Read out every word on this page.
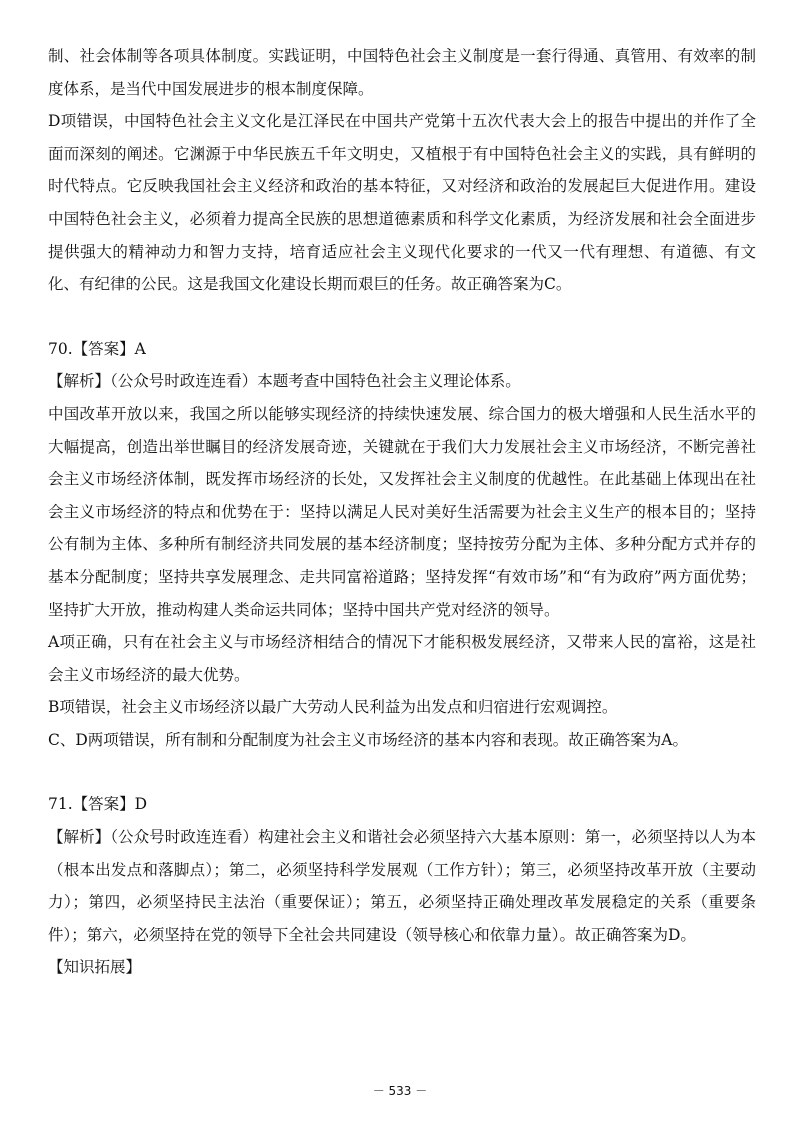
制、社会体制等各项具体制度。实践证明，中国特色社会主义制度是一套行得通、真管用、有效率的制度体系，是当代中国发展进步的根本制度保障。

D项错误，中国特色社会主义文化是江泽民在中国共产党第十五次代表大会上的报告中提出的并作了全面而深刻的阐述。它渊源于中华民族五千年文明史，又植根于有中国特色社会主义的实践，具有鲜明的时代特点。它反映我国社会主义经济和政治的基本特征，又对经济和政治的发展起巨大促进作用。建设中国特色社会主义，必须着力提高全民族的思想道德素质和科学文化素质，为经济发展和社会全面进步提供强大的精神动力和智力支持，培育适应社会主义现代化要求的一代又一代有理想、有道德、有文化、有纪律的公民。这是我国文化建设长期而艰巨的任务。故正确答案为C。

70.【答案】A

【解析】（公众号时政连连看）本题考查中国特色社会主义理论体系。

中国改革开放以来，我国之所以能够实现经济的持续快速发展、综合国力的极大增强和人民生活水平的大幅提高，创造出举世瞩目的经济发展奇迹，关键就在于我们大力发展社会主义市场经济，不断完善社会主义市场经济体制，既发挥市场经济的长处，又发挥社会主义制度的优越性。在此基础上体现出在社会主义市场经济的特点和优势在于：坚持以满足人民对美好生活需要为社会主义生产的根本目的；坚持公有制为主体、多种所有制经济共同发展的基本经济制度；坚持按劳分配为主体、多种分配方式并存的基本分配制度；坚持共享发展理念、走共同富裕道路；坚持发挥“有效市场”和“有为政府”两方面优势；坚持扩大开放，推动构建人类命运共同体；坚持中国共产党对经济的领导。

A项正确，只有在社会主义与市场经济相结合的情况下才能积极发展经济，又带来人民的富裕，这是社会主义市场经济的最大优势。

B项错误，社会主义市场经济以最广大劳动人民利益为出发点和归宿进行宏观调控。

C、D两项错误，所有制和分配制度为社会主义市场经济的基本内容和表现。故正确答案为A。

71.【答案】D

【解析】（公众号时政连连看）构建社会主义和谐社会必须坚持六大基本原则：第一，必须坚持以人为本（根本出发点和落脚点）；第二，必须坚持科学发展观（工作方针）；第三，必须坚持改革开放（主要动力）；第四，必须坚持民主法治（重要保证）；第五，必须坚持正确处理改革发展稳定的关系（重要条件）；第六，必须坚持在党的领导下全社会共同建设（领导核心和依靠力量）。故正确答案为D。

【知识拓展】

－ 533 －
